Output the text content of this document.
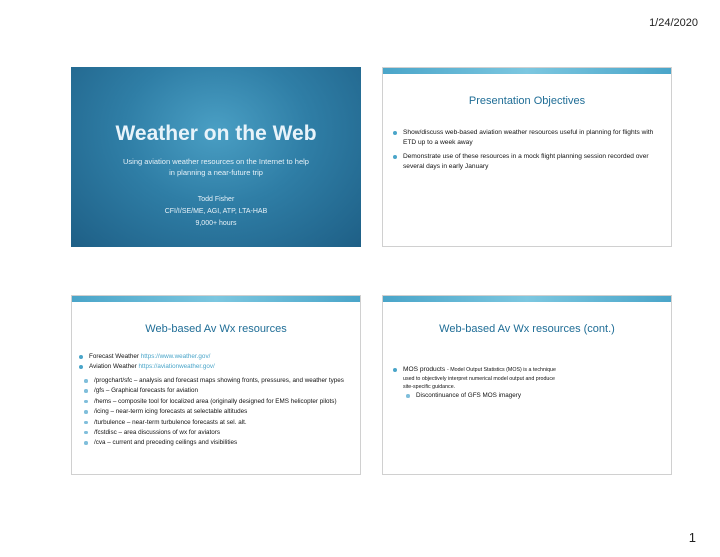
1/24/2020
Weather on the Web
Using aviation weather resources on the Internet to help
in planning a near-future trip
Todd Fisher
CFI/I/SE/ME, AGI, ATP, LTA-HAB
9,000+ hours
Presentation Objectives
Show/discuss web-based aviation weather resources useful in planning for flights with ETD up to a week away
Demonstrate use of these resources in a mock flight planning session recorded over several days in early January
Web-based Av Wx resources
Forecast Weather https://www.weather.gov/
Aviation Weather https://aviationweather.gov/
/progchart/sfc – analysis and forecast maps showing fronts, pressures, and weather types
/gfs – Graphical forecasts for aviation
/hems – composite tool for localized area (originally designed for EMS helicopter pilots)
/icing – near-term icing forecasts at selectable altitudes
/turbulence – near-term turbulence forecasts at sel. alt.
/fcstdisc – area discussions of wx for aviators
/cva – current and preceding ceilings and visibilities
Web-based Av Wx resources (cont.)
MOS products - Model Output Statistics (MOS) is a technique
used to objectively interpret numerical model output and produce
site-specific guidance.
Discontinuance of GFS MOS imagery
1
